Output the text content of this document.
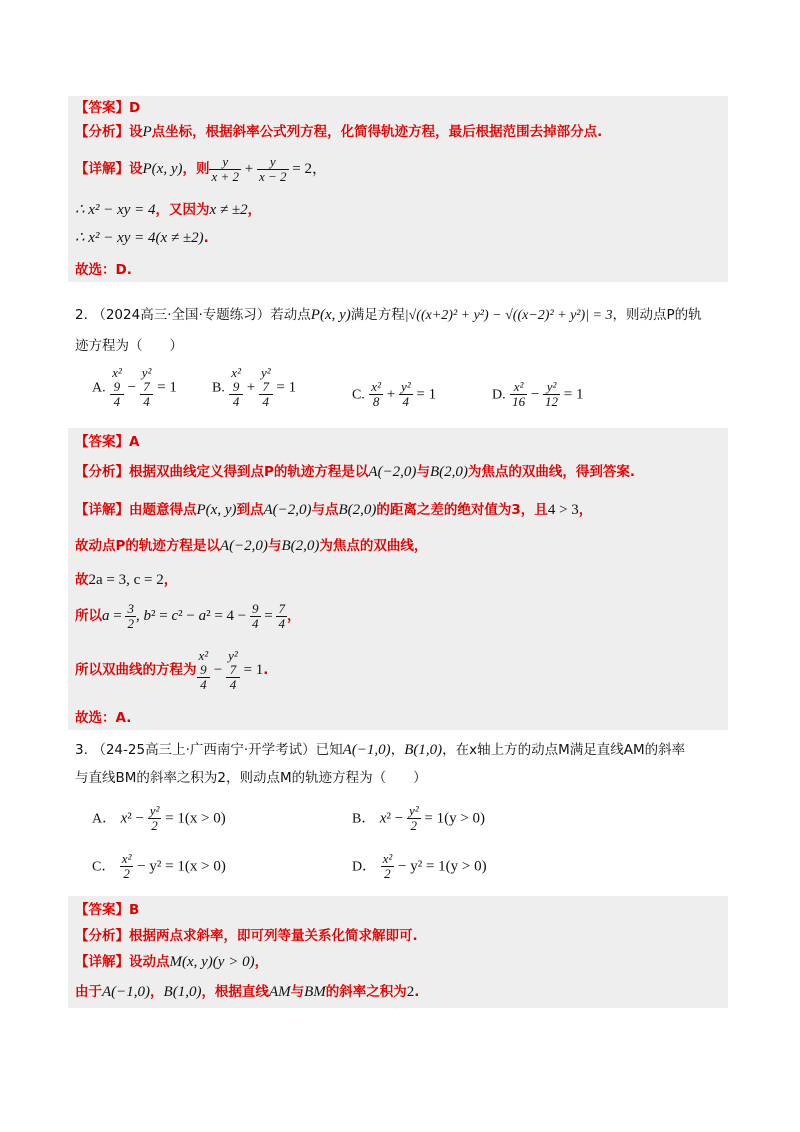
【答案】D
【分析】设P点坐标，根据斜率公式列方程，化简得轨迹方程，最后根据范围去掉部分点.
【详解】设P(x, y)，则 $\frac{y}{x + 2} + \frac{y}{x - 2} = 2$，
∴ x² − xy = 4，又因为x ≠ ±2，
∴ x² − xy = 4(x ≠ ±2).
故选：D.
2. （2024高三·全国·专题练习）若动点P(x, y)满足方程|√((x+2)² + y²) − √((x−2)² + y²)| = 3，则动点P的轨
迹方程为（　　）
A.
x²
9
4
−
y²
7
4
= 1	B.
x²
9
4
+
y²
7
4
= 1	C. $\frac{\text{x²}}{8} + \frac{\text{y²}}{4} = 1$	D. $\frac{\text{x²}}{16} - \frac{\text{y²}}{12} = 1$
【答案】A
【分析】根据双曲线定义得到点P的轨迹方程是以A(−2,0)与B(2,0)为焦点的双曲线，得到答案.
【详解】由题意得点P(x, y)到点A(−2,0)与点B(2,0)的距离之差的绝对值为3，且4 > 3，
故动点P的轨迹方程是以A(−2,0)与B(2,0)为焦点的双曲线，
故2a = 3, c = 2，
所以$a = \frac{3}{2}$ , $b^2 = c^2 - a^2 = 4 - \frac{9}{4} = \frac{7}{4}$ ，
所以双曲线的方程为
x²
9
4
−
y²
7
4
= 1.
故选：A.
3. （24-25高三上·广西南宁·开学考试）已知A(−1,0)，B(1,0)，在x轴上方的动点M满足直线AM的斜率
与直线BM的斜率之积为2，则动点M的轨迹方程为（　　）
A． $x^2 - \frac{\text{y²}}{2} = 1(x > 0)$	B． $x^2 - \frac{\text{y²}}{2} = 1(y > 0)$
C． $\frac{\text{x²}}{2} - y^2 = 1(x > 0)$	D． $\frac{\text{x²}}{2} - y^2 = 1(y > 0)$
【答案】B
【分析】根据两点求斜率，即可列等量关系化简求解即可.
【详解】设动点M(x, y)(y > 0)，
由于A(−1,0)，B(1,0)，根据直线AM与BM的斜率之积为2.
